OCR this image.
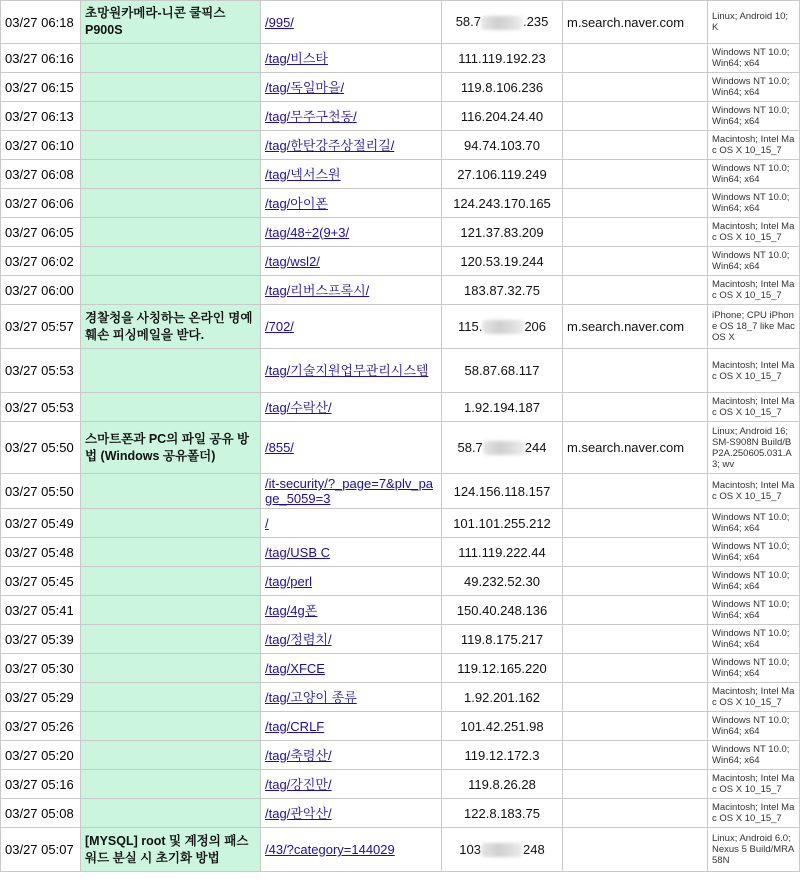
03/27 06:18	초망원카메라-니콘 쿨픽스 P900S	/995/	58.7 .235	m.search.naver.com	Linux; Android 10; K
03/27 06:16		/tag/비스타	111.119.192.23		Windows NT 10.0; Win64; x64
03/27 06:15		/tag/독일마을/	119.8.106.236		Windows NT 10.0; Win64; x64
03/27 06:13		/tag/무주구천동/	116.204.24.40		Windows NT 10.0; Win64; x64
03/27 06:10		/tag/한탄강주상절리길/	94.74.103.70		Macintosh; Intel Mac OS X 10_15_7
03/27 06:08		/tag/넥서스원	27.106.119.249		Windows NT 10.0; Win64; x64
03/27 06:06		/tag/아이폰	124.243.170.165		Windows NT 10.0; Win64; x64
03/27 06:05		/tag/48÷2(9+3/	121.37.83.209		Macintosh; Intel Mac OS X 10_15_7
03/27 06:02		/tag/wsl2/	120.53.19.244		Windows NT 10.0; Win64; x64
03/27 06:00		/tag/리버스프록시/	183.87.32.75		Macintosh; Intel Mac OS X 10_15_7
03/27 05:57	경찰청을 사칭하는 온라인 명예훼손 피싱메일을 받다.	/702/	115. 206	m.search.naver.com	iPhone; CPU iPhone OS 18_7 like Mac OS X
03/27 05:53		/tag/기술지원업무관리시스템	58.87.68.117		Macintosh; Intel Mac OS X 10_15_7
03/27 05:53		/tag/수락산/	1.92.194.187		Macintosh; Intel Mac OS X 10_15_7
03/27 05:50	스마트폰과 PC의 파일 공유 방법 (Windows 공유폴더)	/855/	58.7 244	m.search.naver.com	Linux; Android 16; SM-S908N Build/BP2A.250605.031.A3; wv
03/27 05:50		/it-security/?_page=7&plv_page_5059=3	124.156.118.157		Macintosh; Intel Mac OS X 10_15_7
03/27 05:49		/	101.101.255.212		Windows NT 10.0; Win64; x64
03/27 05:48		/tag/USB C	111.119.222.44		Windows NT 10.0; Win64; x64
03/27 05:45		/tag/perl	49.232.52.30		Windows NT 10.0; Win64; x64
03/27 05:41		/tag/4g폰	150.40.248.136		Windows NT 10.0; Win64; x64
03/27 05:39		/tag/정렴치/	119.8.175.217		Windows NT 10.0; Win64; x64
03/27 05:30		/tag/XFCE	119.12.165.220		Windows NT 10.0; Win64; x64
03/27 05:29		/tag/고양이 종류	1.92.201.162		Macintosh; Intel Mac OS X 10_15_7
03/27 05:26		/tag/CRLF	101.42.251.98		Windows NT 10.0; Win64; x64
03/27 05:20		/tag/축령산/	119.12.172.3		Windows NT 10.0; Win64; x64
03/27 05:16		/tag/강진만/	119.8.26.28		Macintosh; Intel Mac OS X 10_15_7
03/27 05:08		/tag/관악산/	122.8.183.75		Macintosh; Intel Mac OS X 10_15_7
03/27 05:07	[MYSQL] root 및 계정의 패스워드 분실 시 초기화 방법	/43/?category=144029	103 248		Linux; Android 6.0; Nexus 5 Build/MRA58N
